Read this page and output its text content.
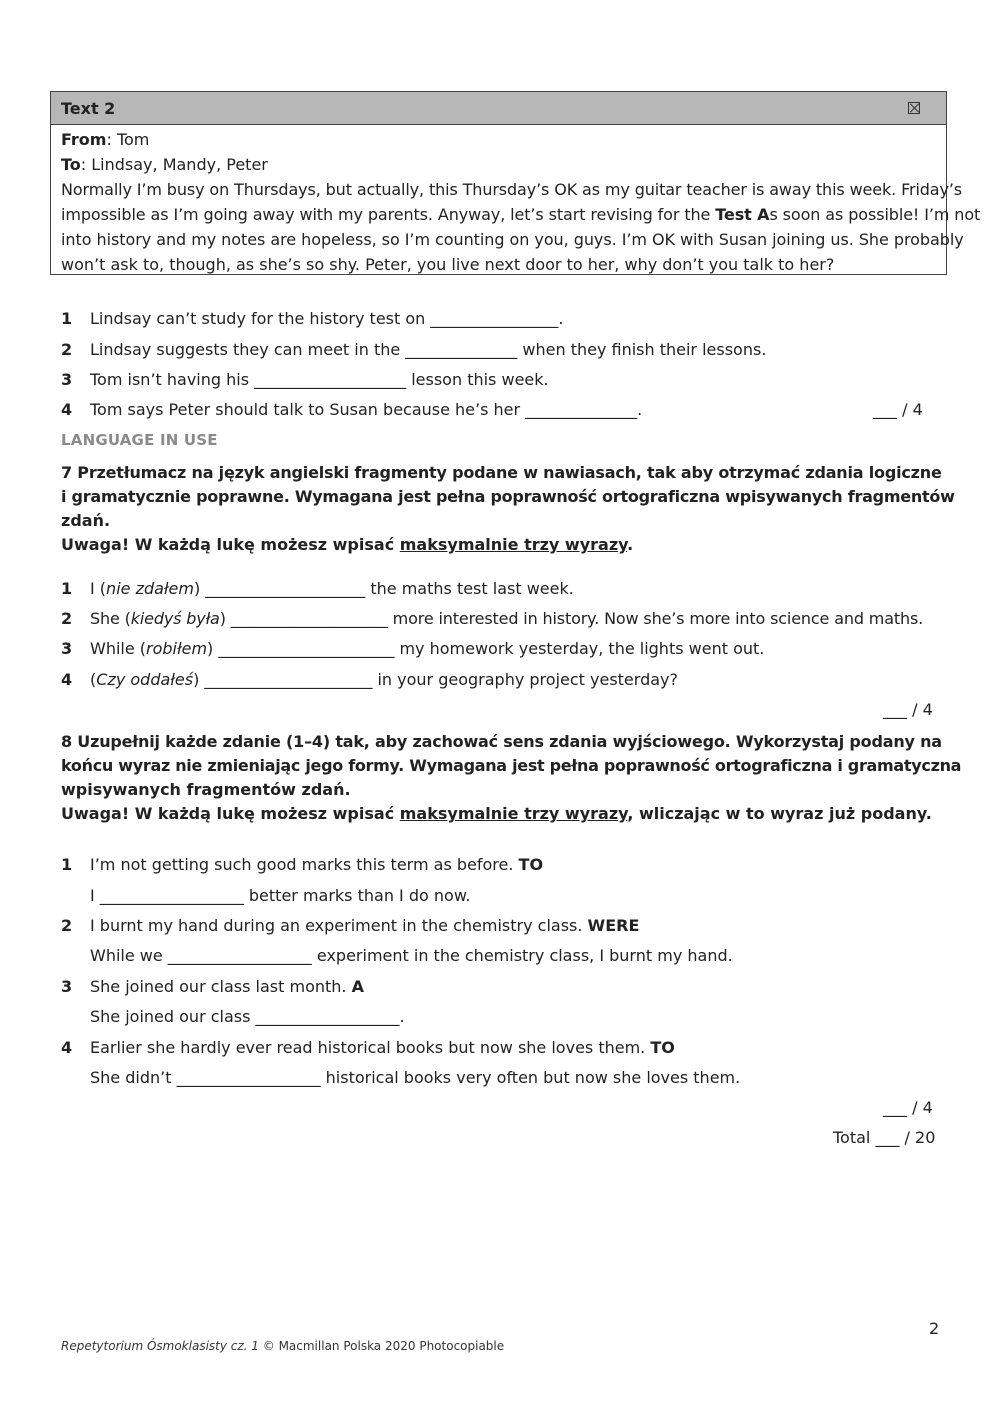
Text 2
From: Tom
To: Lindsay, Mandy, Peter
Normally I’m busy on Thursdays, but actually, this Thursday’s OK as my guitar teacher is away this week. Friday’s
impossible as I’m going away with my parents. Anyway, let’s start revising for the Test As soon as possible! I’m not
into history and my notes are hopeless, so I’m counting on you, guys. I’m OK with Susan joining us. She probably
won’t ask to, though, as she’s so shy. Peter, you live next door to her, why don’t you talk to her?
1 Lindsay can’t study for the history test on ________________.
2 Lindsay suggests they can meet in the ______________ when they finish their lessons.
3 Tom isn’t having his ___________________ lesson this week.
4 Tom says Peter should talk to Susan because he’s her ______________.	___ / 4
LANGUAGE IN USE

7 Przetłumacz na język angielski fragmenty podane w nawiasach, tak aby otrzymać zdania logiczne

i gramatycznie poprawne. Wymagana jest pełna poprawność ortograficzna wpisywanych fragmentów

zdań.

Uwaga! W każdą lukę możesz wpisać maksymalnie trzy wyrazy.

1 I (nie zdałem) ____________________ the maths test last week.
2 She (kiedyś była) ____________________ more interested in history. Now she’s more into science and maths.
3 While (robiłem) ______________________ my homework yesterday, the lights went out.
4 (Czy oddałeś) _____________________ in your geography project yesterday?
___ / 4

8 Uzupełnij każde zdanie (1–4) tak, aby zachować sens zdania wyjściowego. Wykorzystaj podany na

końcu wyraz nie zmieniając jego formy. Wymagana jest pełna poprawność ortograficzna i gramatyczna

wpisywanych fragmentów zdań.

Uwaga! W każdą lukę możesz wpisać maksymalnie trzy wyrazy, wliczając w to wyraz już podany.

1 I’m not getting such good marks this term as before. TO
I __________________ better marks than I do now.
2 I burnt my hand during an experiment in the chemistry class. WERE
While we __________________ experiment in the chemistry class, I burnt my hand.
3 She joined our class last month. A
She joined our class __________________.
4 Earlier she hardly ever read historical books but now she loves them. TO
She didn’t __________________ historical books very often but now she loves them.
___ / 4
Total ___ / 20
2
Repetytorium Ósmoklasisty cz. 1 © Macmillan Polska 2020 Photocopiable
